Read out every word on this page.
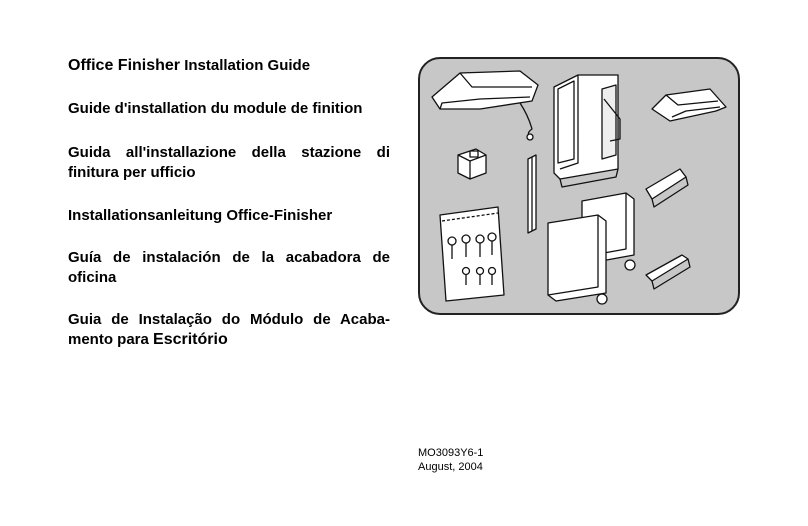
Office Finisher Installation Guide

Guide d'installation du module de finition

Guida all'installazione della stazione di finitura per ufficio

Installationsanleitung Office-Finisher

Guía de instalación de la acabadora de oficina

Guia de Instalação do Módulo de Acaba-mento para Escritório

MO3093Y6-1
August, 2004
